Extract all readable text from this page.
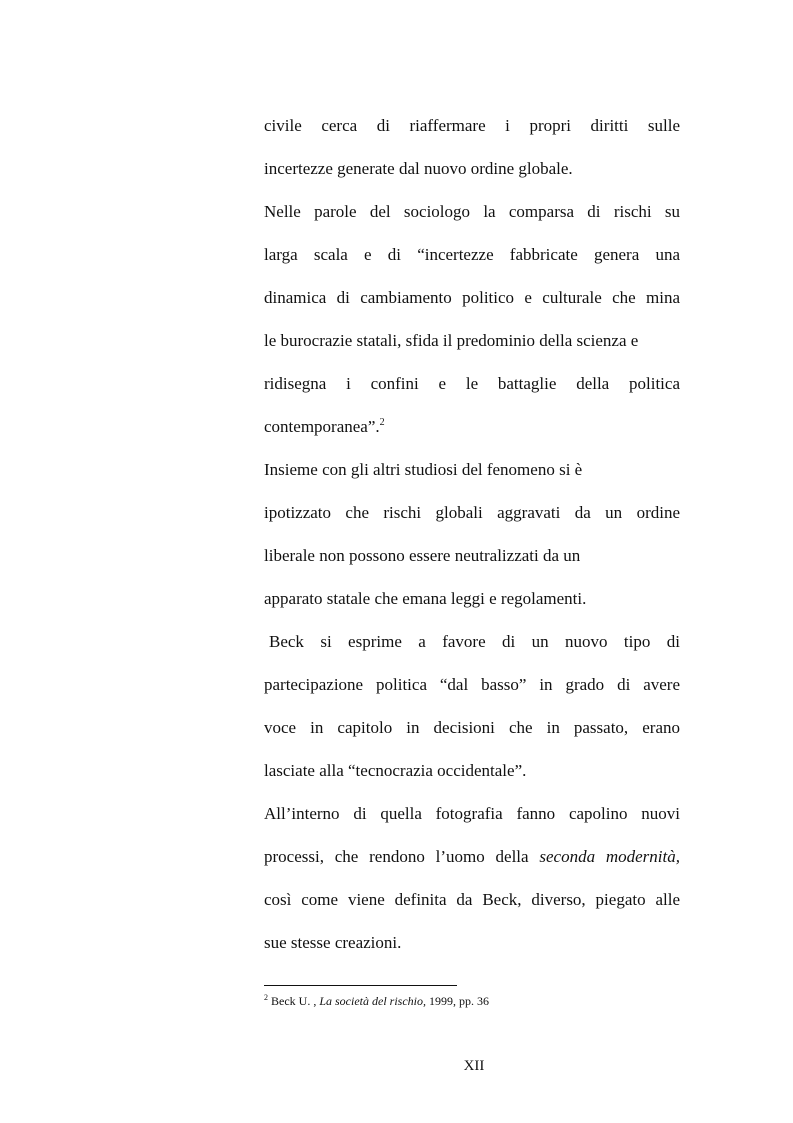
civile cerca di riaffermare i propri diritti sulle
incertezze generate dal nuovo ordine globale.
Nelle parole del sociologo la comparsa di rischi su
larga scala e di “incertezze fabbricate genera una
dinamica di cambiamento politico e culturale che mina
le burocrazie statali, sfida il predominio della scienza e
ridisegna i confini e le battaglie della politica
contemporanea”.$^2$
Insieme con gli altri studiosi del fenomeno si è
ipotizzato che rischi globali aggravati da un ordine
liberale non possono essere neutralizzati da un
apparato statale che emana leggi e regolamenti.
Beck si esprime a favore di un nuovo tipo di
partecipazione politica “dal basso” in grado di avere
voce in capitolo in decisioni che in passato, erano
lasciate alla “tecnocrazia occidentale”.
All’interno di quella fotografia fanno capolino nuovi
processi, che rendono l’uomo della seconda modernità,
così come viene definita da Beck, diverso, piegato alle
sue stesse creazioni.
$^2$ Beck U. , La società del rischio, 1999, pp. 36
XII
